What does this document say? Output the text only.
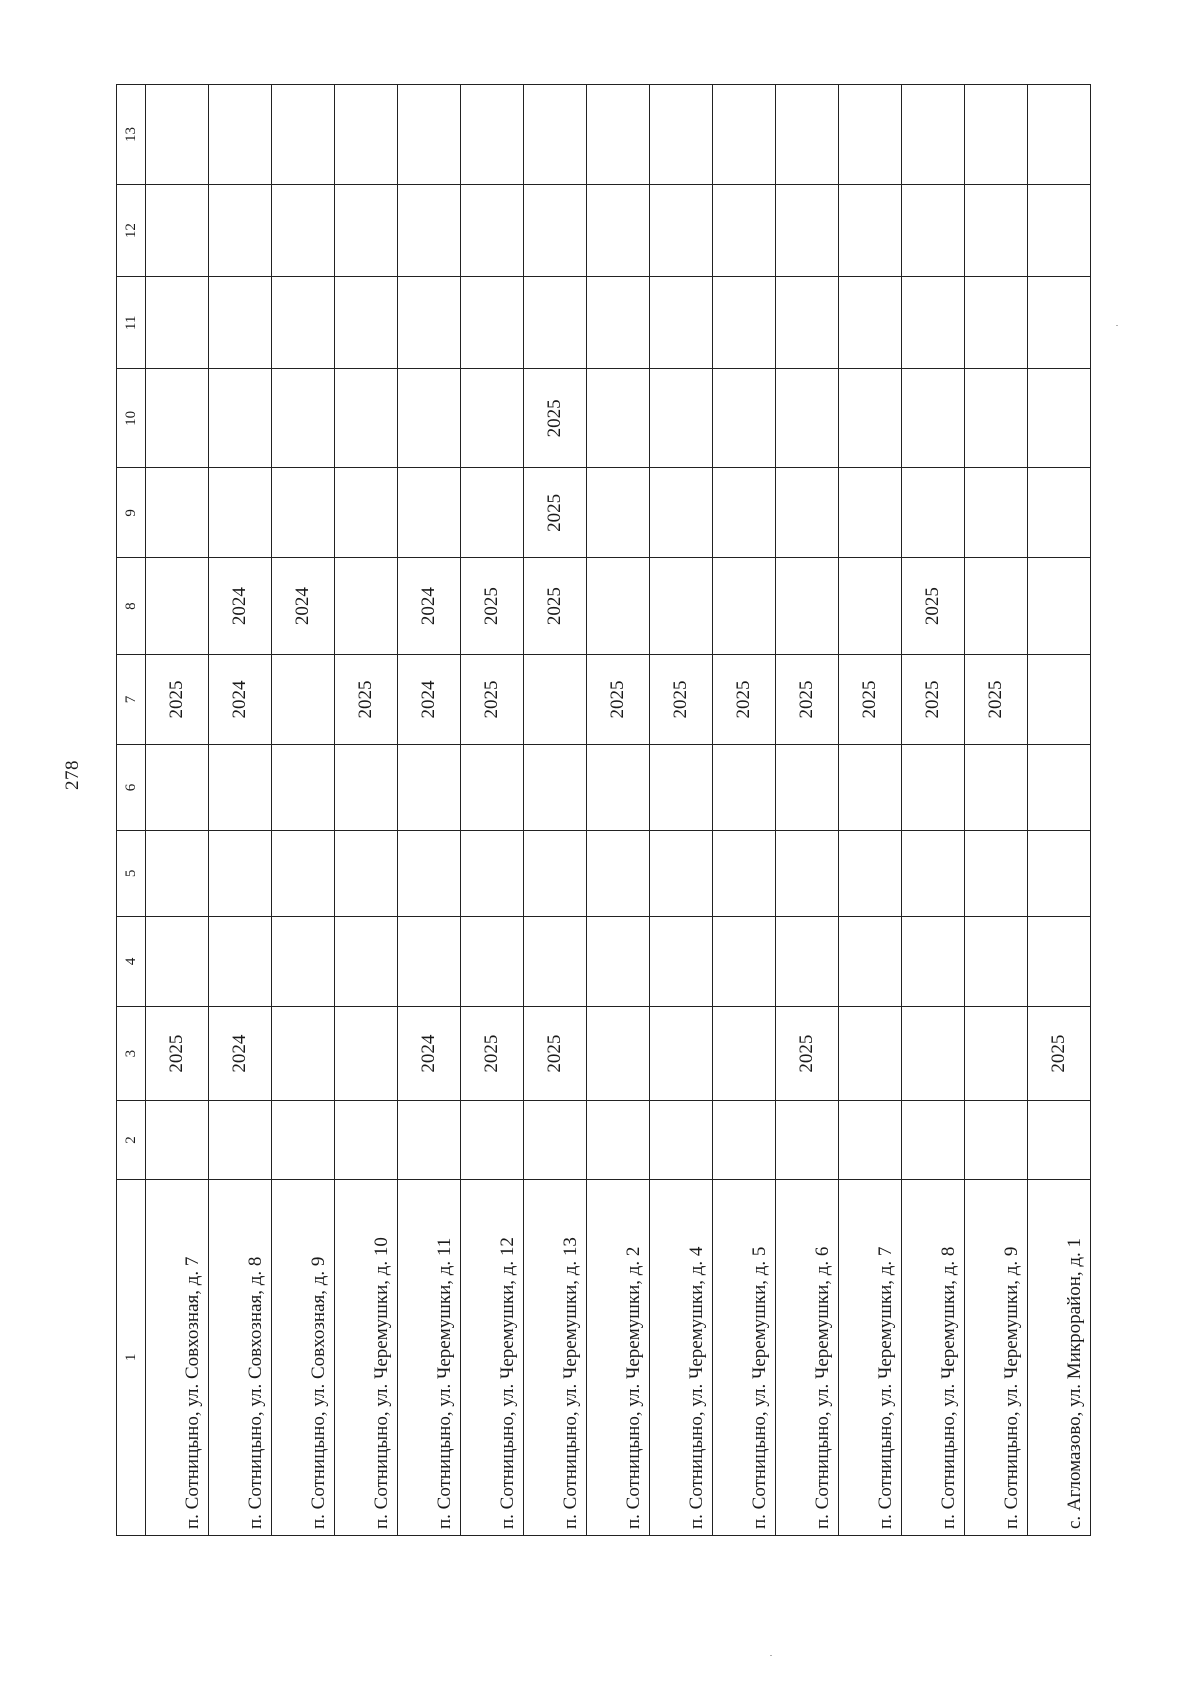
278
1	2	3	4	5	6	7	8	9	10	11	12	13
п. Сотницыно, ул. Совхозная, д. 7		2025				2025						
п. Сотницыно, ул. Совхозная, д. 8		2024				2024	2024					
п. Сотницыно, ул. Совхозная, д. 9							2024					
п. Сотницыно, ул. Черемушки, д. 10						2025						
п. Сотницыно, ул. Черемушки, д. 11		2024				2024	2024					
п. Сотницыно, ул. Черемушки, д. 12		2025				2025	2025					
п. Сотницыно, ул. Черемушки, д. 13		2025					2025	2025	2025			
п. Сотницыно, ул. Черемушки, д. 2						2025						
п. Сотницыно, ул. Черемушки, д. 4						2025						
п. Сотницыно, ул. Черемушки, д. 5						2025						
п. Сотницыно, ул. Черемушки, д. 6		2025				2025						
п. Сотницыно, ул. Черемушки, д. 7						2025						
п. Сотницыно, ул. Черемушки, д. 8						2025	2025					
п. Сотницыно, ул. Черемушки, д. 9						2025						
с. Агломазово, ул. Микрорайон, д. 1		2025										
